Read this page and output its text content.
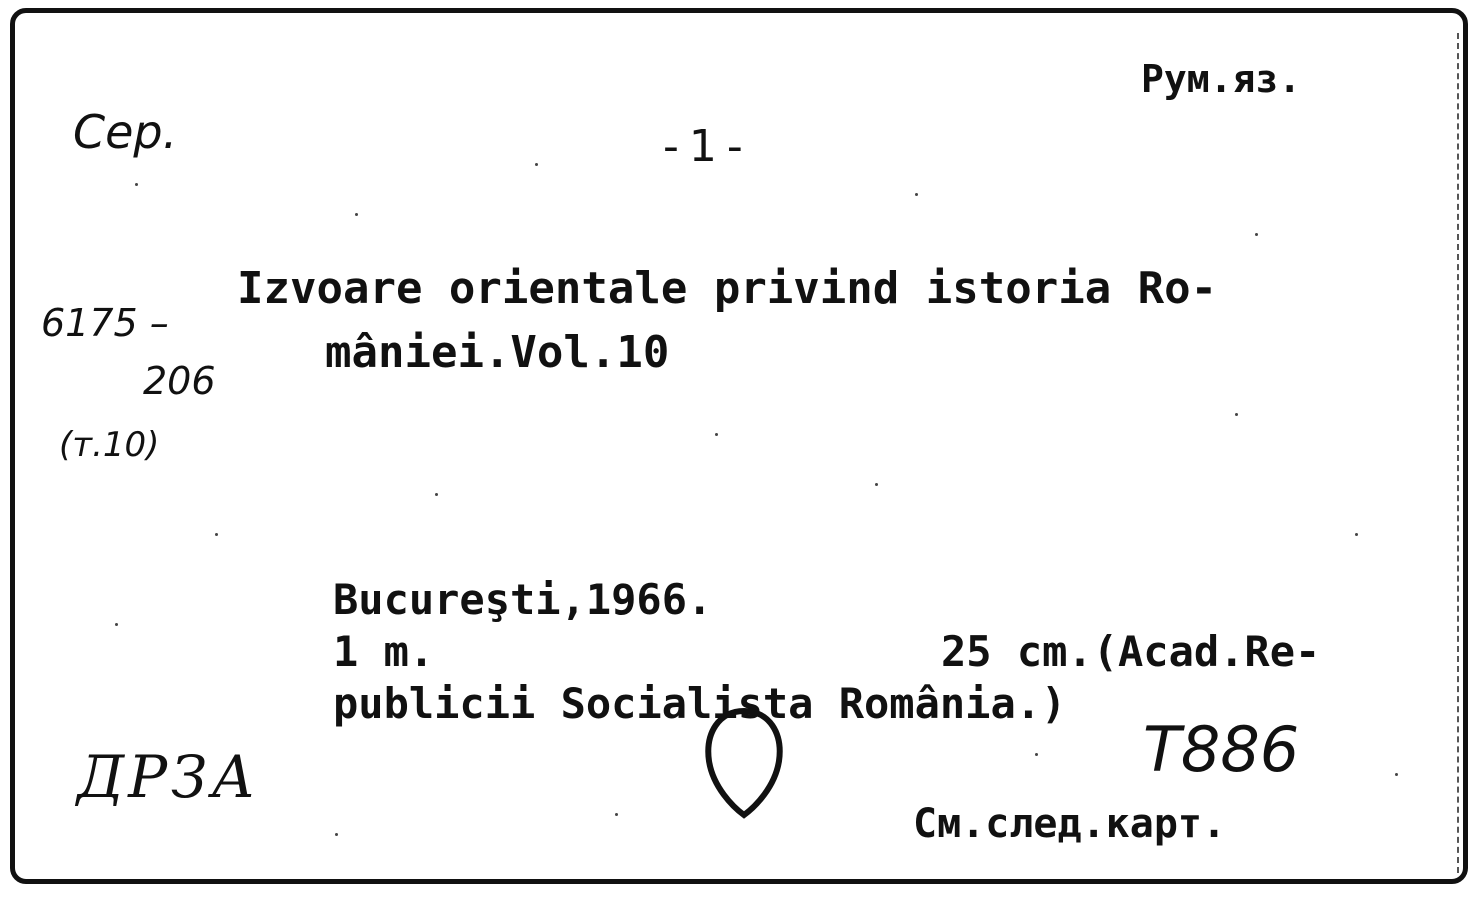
Рум.яз.
Сер.	-1-
6175 –
206
(т.10)
Izvoare orientale privind istoria Ro-
mâniei.Vol.10
Bucureşti,1966.
1 m.	25 cm.(Acad.Re-
publicii Socialista România.)
ДРЗА	T886
См.след.карт.
